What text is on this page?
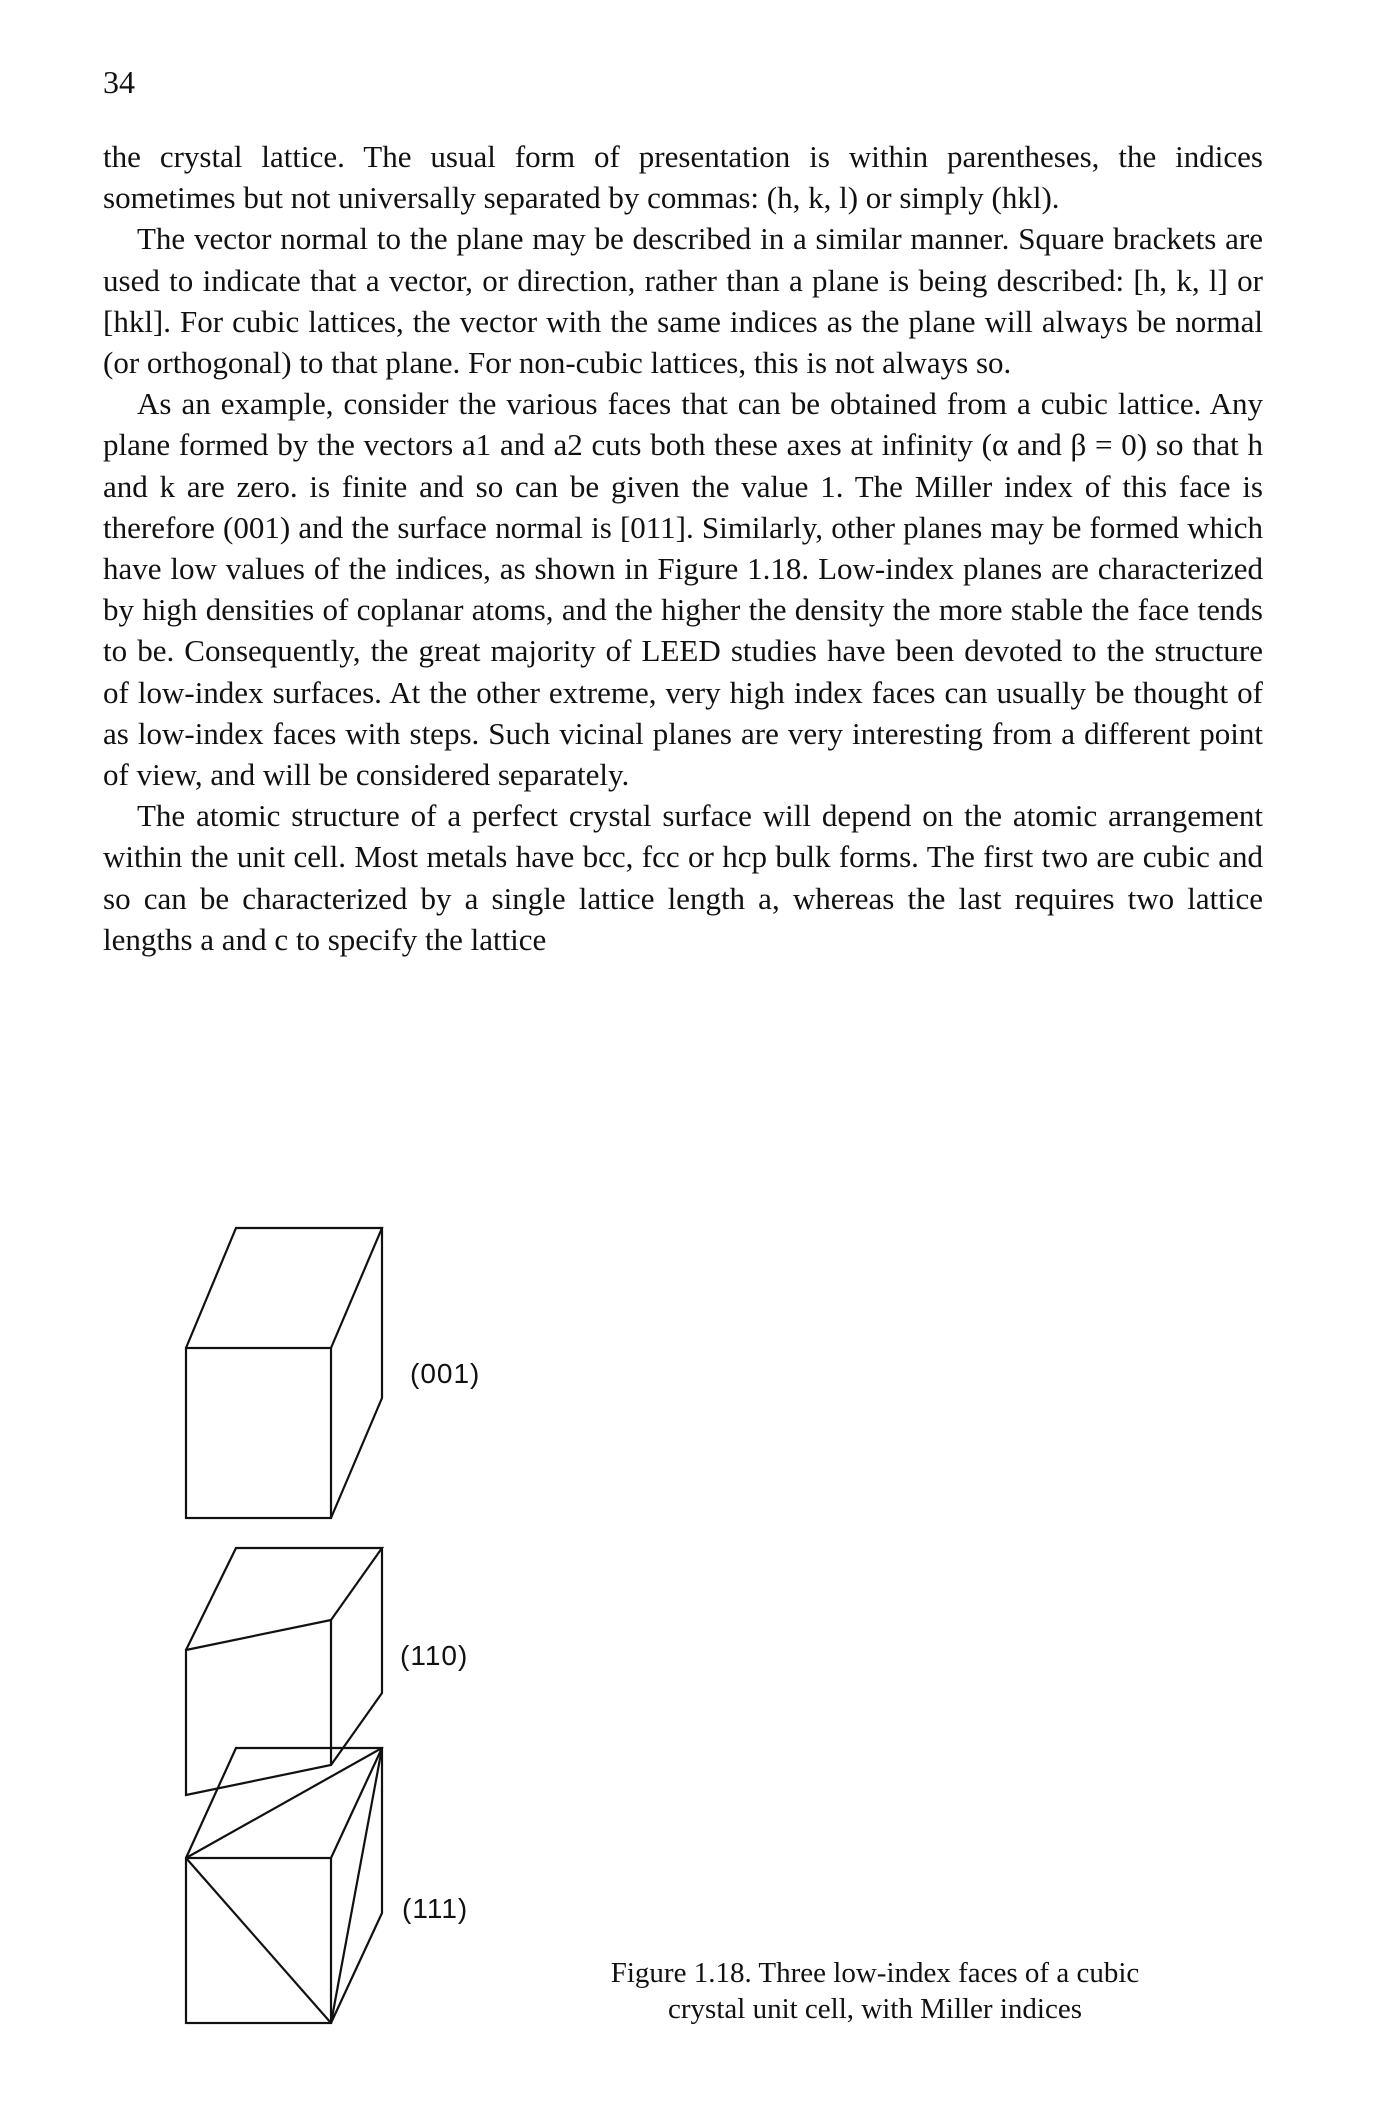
34

the crystal lattice. The usual form of presentation is within parentheses, the indices sometimes but not universally separated by commas: (h, k, l) or simply (hkl).

The vector normal to the plane may be described in a similar manner. Square brackets are used to indicate that a vector, or direction, rather than a plane is being described: [h, k, l] or [hkl]. For cubic lattices, the vector with the same indices as the plane will always be normal (or orthogonal) to that plane. For non-cubic lattices, this is not always so.

As an example, consider the various faces that can be obtained from a cubic lattice. Any plane formed by the vectors a1 and a2 cuts both these axes at infinity (α and β = 0) so that h and k are zero. is finite and so can be given the value 1. The Miller index of this face is therefore (001) and the surface normal is [011]. Similarly, other planes may be formed which have low values of the indices, as shown in Figure 1.18. Low-index planes are characterized by high densities of coplanar atoms, and the higher the density the more stable the face tends to be. Consequently, the great majority of LEED studies have been devoted to the structure of low-index surfaces. At the other extreme, very high index faces can usually be thought of as low-index faces with steps. Such vicinal planes are very interesting from a different point of view, and will be considered separately.

The atomic structure of a perfect crystal surface will depend on the atomic arrangement within the unit cell. Most metals have bcc, fcc or hcp bulk forms. The first two are cubic and so can be characterized by a single lattice length a, whereas the last requires two lattice lengths a and c to specify the lattice

(001)
(110)
(111)
Figure 1.18. Three low-index faces of a cubic
crystal unit cell, with Miller indices
